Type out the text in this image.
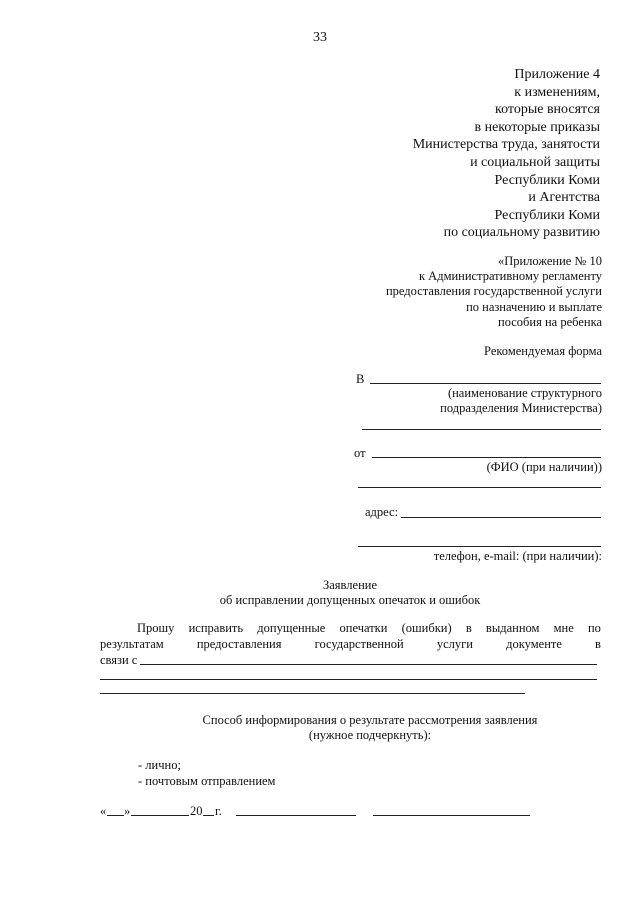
33
Приложение 4
к изменениям,
которые вносятся
в некоторые приказы
Министерства труда, занятости
и социальной защиты
Республики Коми
и Агентства
Республики Коми
по социальному развитию
«Приложение № 10
к Административному регламенту
предоставления государственной услуги
по назначению и выплате
пособия на ребенка
Рекомендуемая форма
В
(наименование структурного
подразделения Министерства)
от
(ФИО (при наличии))
адрес:
телефон, e-mail: (при наличии):
Заявление
об исправлении допущенных опечаток и ошибок
Прошу исправить допущенные опечатки (ошибки) в выданном мне по
результатам	предоставления	государственной	услуги	документе	в
связи с
Способ информирования о результате рассмотрения заявления
(нужное подчеркнуть):
- лично;
- почтовым отправлением
« »	20 г.
